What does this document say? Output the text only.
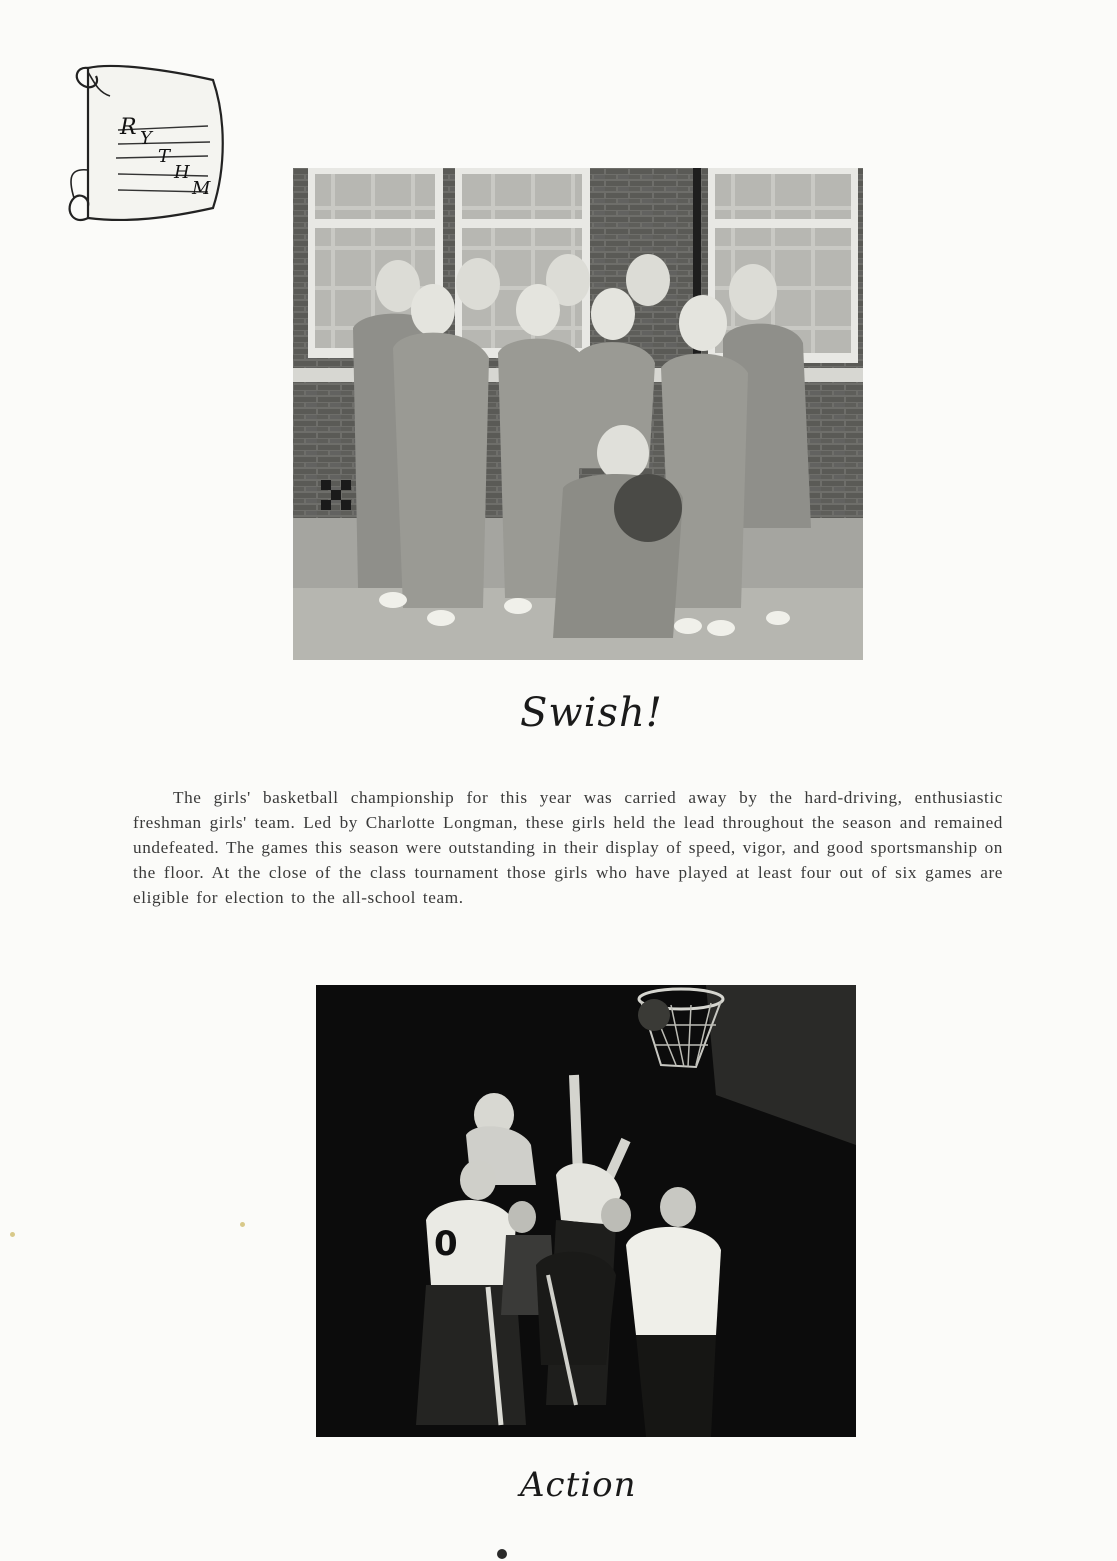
R Y
T
H
M
Swish!

The girls' basketball championship for this year was carried away by the hard-driving, enthusiastic freshman girls' team. Led by Charlotte Longman, these girls held the lead throughout the season and remained undefeated. The games this season were outstanding in their display of speed, vigor, and good sportsmanship on the floor. At the close of the class tournament those girls who have played at least four out of six games are eligible for election to the all-school team.

0
Action
